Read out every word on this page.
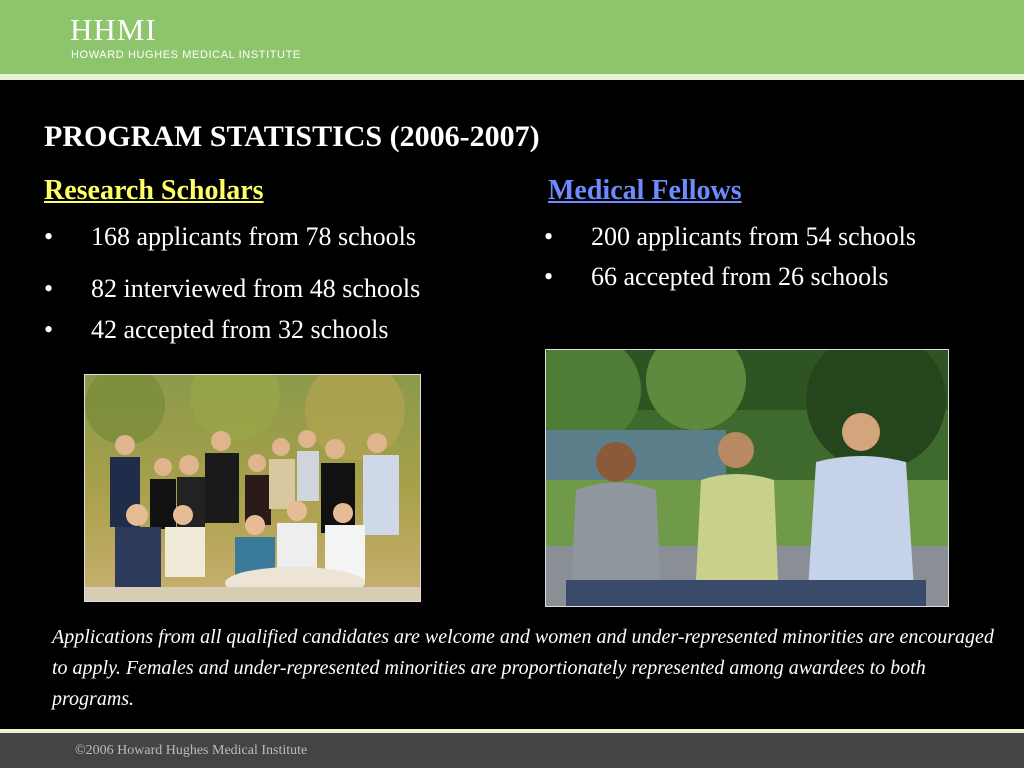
HHMI
HOWARD HUGHES MEDICAL INSTITUTE
PROGRAM STATISTICS (2006-2007)
Research Scholars	Medical Fellows
• 168 applicants from 78 schools
• 82 interviewed from 48 schools
• 42 accepted from 32 schools
• 200 applicants from 54 schools
• 66 accepted from 26 schools
Applications from all qualified candidates are welcome and women and under-represented minorities are encouraged to apply. Females and under-represented minorities are proportionately represented among awardees to both programs.
©2006 Howard Hughes Medical Institute
